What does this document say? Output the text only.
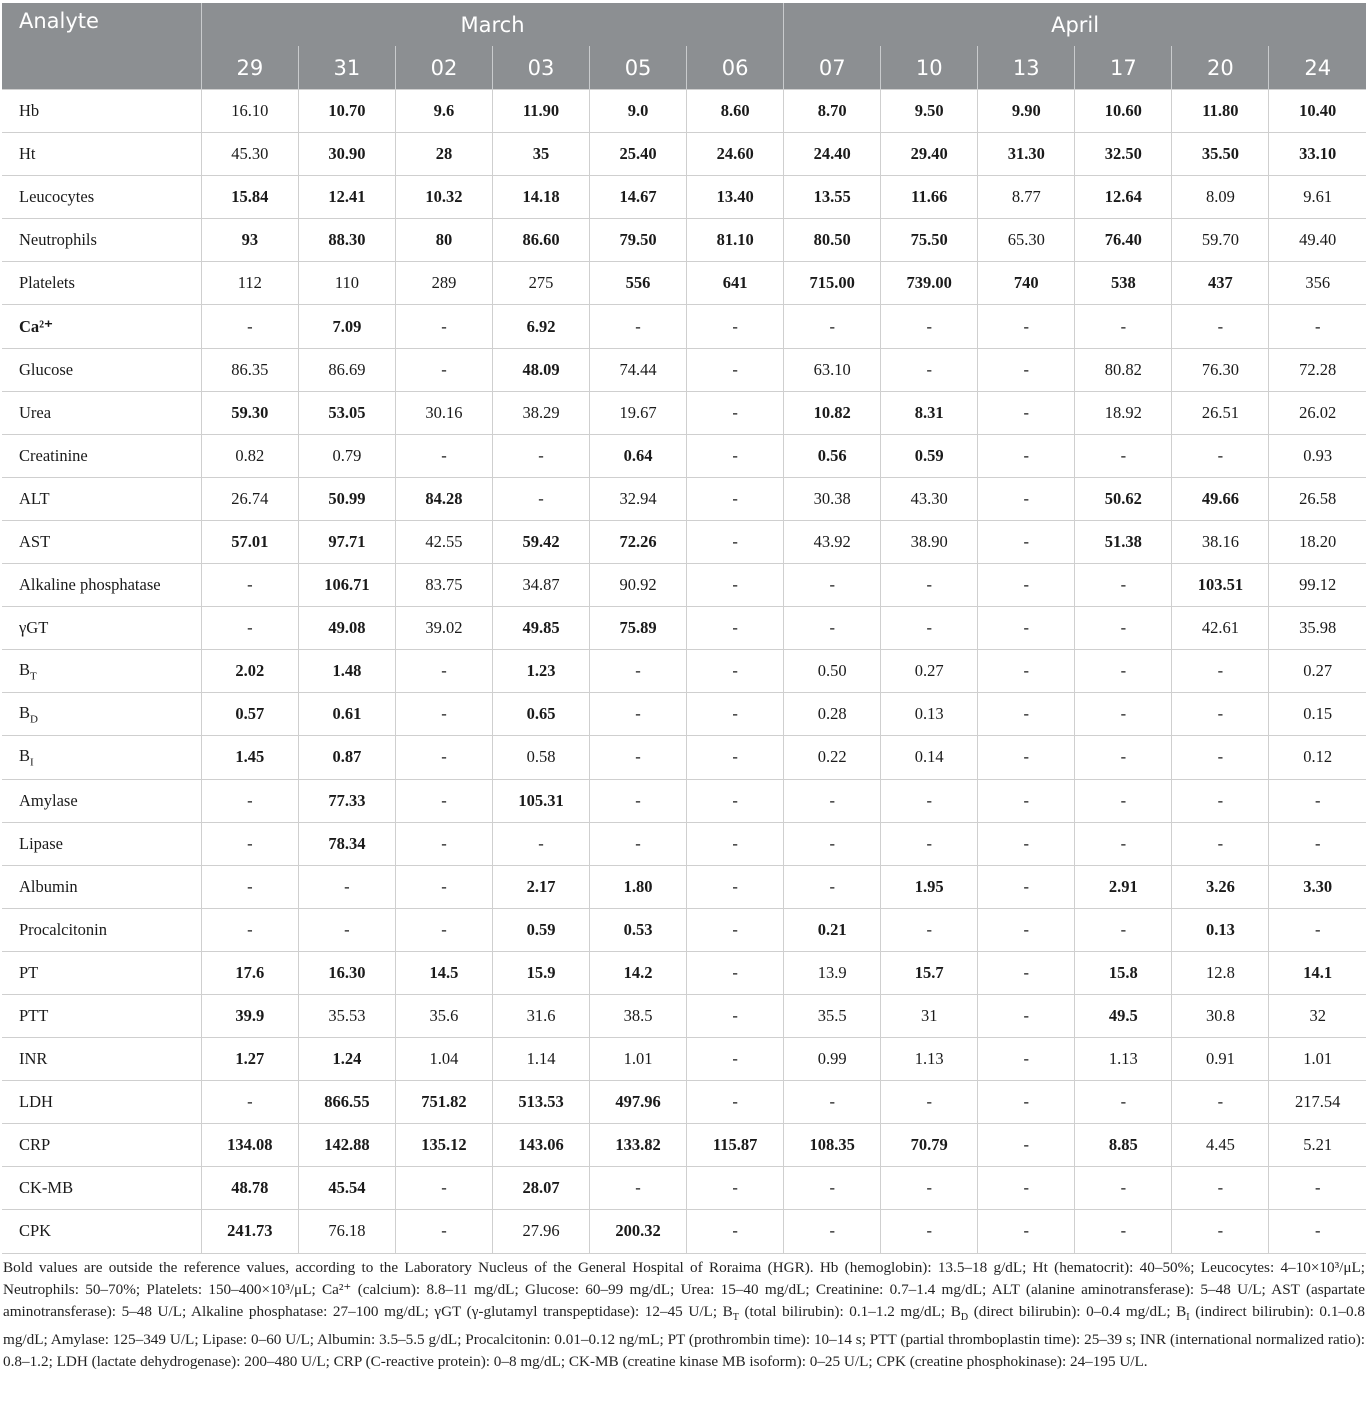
Analyte	March						April					
	29	31	02	03	05	06	07	10	13	17	20	24
Hb	16.10	10.70	9.6	11.90	9.0	8.60	8.70	9.50	9.90	10.60	11.80	10.40
Ht	45.30	30.90	28	35	25.40	24.60	24.40	29.40	31.30	32.50	35.50	33.10
Leucocytes	15.84	12.41	10.32	14.18	14.67	13.40	13.55	11.66	8.77	12.64	8.09	9.61
Neutrophils	93	88.30	80	86.60	79.50	81.10	80.50	75.50	65.30	76.40	59.70	49.40
Platelets	112	110	289	275	556	641	715.00	739.00	740	538	437	356
Ca²⁺	-	7.09	-	6.92	-	-	-	-	-	-	-	-
Glucose	86.35	86.69	-	48.09	74.44	-	63.10	-	-	80.82	76.30	72.28
Urea	59.30	53.05	30.16	38.29	19.67	-	10.82	8.31	-	18.92	26.51	26.02
Creatinine	0.82	0.79	-	-	0.64	-	0.56	0.59	-	-	-	0.93
ALT	26.74	50.99	84.28	-	32.94	-	30.38	43.30	-	50.62	49.66	26.58
AST	57.01	97.71	42.55	59.42	72.26	-	43.92	38.90	-	51.38	38.16	18.20
Alkaline phosphatase	-	106.71	83.75	34.87	90.92	-	-	-	-	-	103.51	99.12
γGT	-	49.08	39.02	49.85	75.89	-	-	-	-	-	42.61	35.98
$B_T$	2.02	1.48	-	1.23	-	-	0.50	0.27	-	-	-	0.27
$B_D$	0.57	0.61	-	0.65	-	-	0.28	0.13	-	-	-	0.15
$B_I$	1.45	0.87	-	0.58	-	-	0.22	0.14	-	-	-	0.12
Amylase	-	77.33	-	105.31	-	-	-	-	-	-	-	-
Lipase	-	78.34	-	-	-	-	-	-	-	-	-	-
Albumin	-	-	-	2.17	1.80	-	-	1.95	-	2.91	3.26	3.30
Procalcitonin	-	-	-	0.59	0.53	-	0.21	-	-	-	0.13	-
PT	17.6	16.30	14.5	15.9	14.2	-	13.9	15.7	-	15.8	12.8	14.1
PTT	39.9	35.53	35.6	31.6	38.5	-	35.5	31	-	49.5	30.8	32
INR	1.27	1.24	1.04	1.14	1.01	-	0.99	1.13	-	1.13	0.91	1.01
LDH	-	866.55	751.82	513.53	497.96	-	-	-	-	-	-	217.54
CRP	134.08	142.88	135.12	143.06	133.82	115.87	108.35	70.79	-	8.85	4.45	5.21
CK-MB	48.78	45.54	-	28.07	-	-	-	-	-	-	-	-
CPK	241.73	76.18	-	27.96	200.32	-	-	-	-	-	-	-

Bold values are outside the reference values, according to the Laboratory Nucleus of the General Hospital of Roraima (HGR). Hb (hemoglobin): 13.5–18 g/dL; Ht (hematocrit): 40–50%; Leucocytes: 4–10×10³/μL; Neutrophils: 50–70%; Platelets: 150–400×10³/μL; Ca²⁺ (calcium): 8.8–11 mg/dL; Glucose: 60–99 mg/dL; Urea: 15–40 mg/dL; Creatinine: 0.7–1.4 mg/dL; ALT (alanine aminotransferase): 5–48 U/L; AST (aspartate aminotransferase): 5–48 U/L; Alkaline phosphatase: 27–100 mg/dL; γGT (γ-glutamyl transpeptidase): 12–45 U/L; $B_T$ (total bilirubin): 0.1–1.2 mg/dL; $B_D$ (direct bilirubin): 0–0.4 mg/dL; $B_I$ (indirect bilirubin): 0.1–0.8 mg/dL; Amylase: 125–349 U/L; Lipase: 0–60 U/L; Albumin: 3.5–5.5 g/dL; Procalcitonin: 0.01–0.12 ng/mL; PT (prothrombin time): 10–14 s; PTT (partial thromboplastin time): 25–39 s; INR (international normalized ratio): 0.8–1.2; LDH (lactate dehydrogenase): 200–480 U/L; CRP (C-reactive protein): 0–8 mg/dL; CK-MB (creatine kinase MB isoform): 0–25 U/L; CPK (creatine phosphokinase): 24–195 U/L.
